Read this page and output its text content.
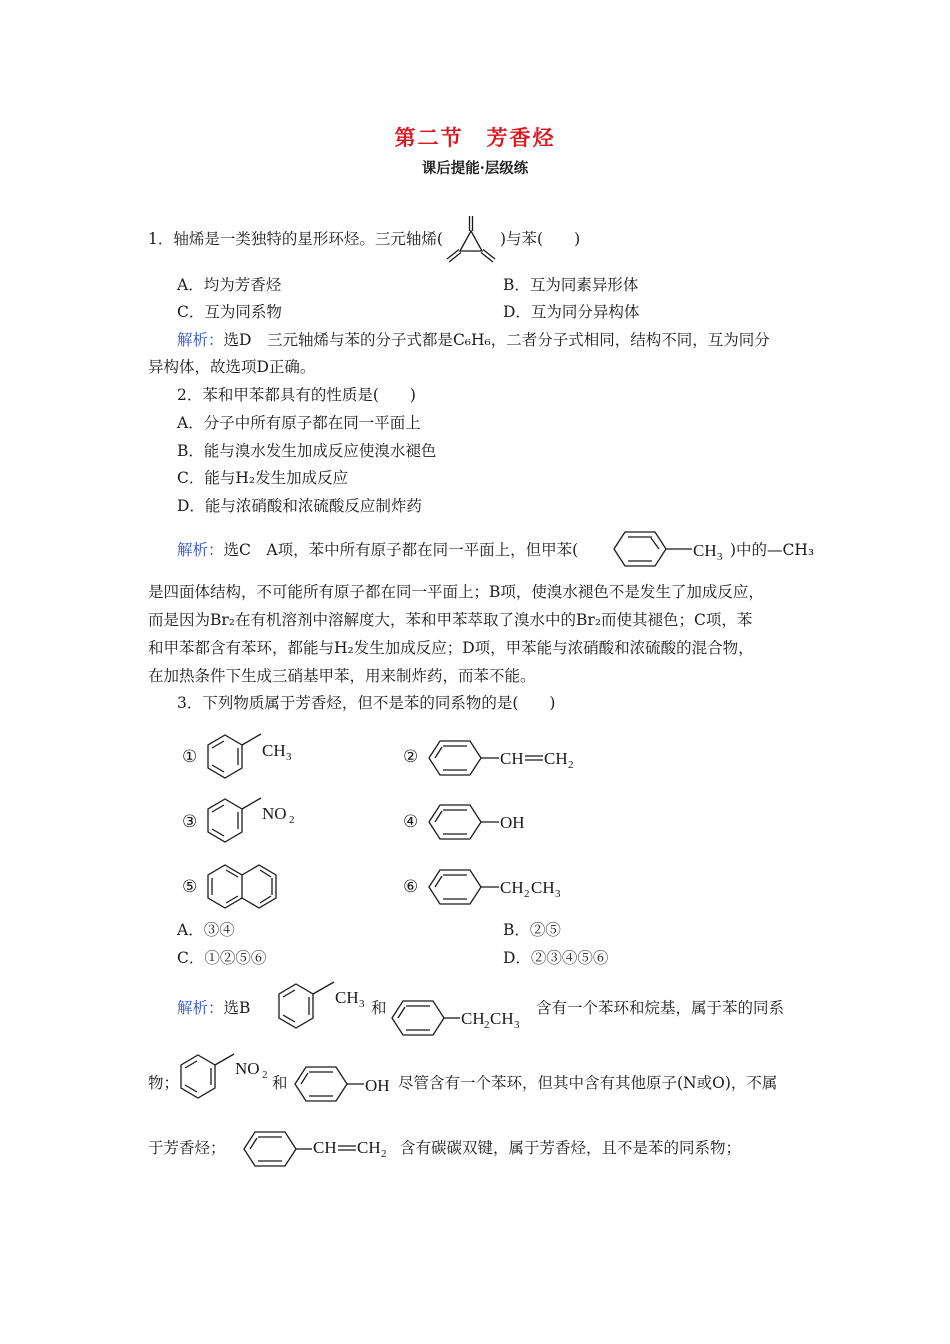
第二节　芳香烃
课后提能·层级练
1．轴烯是一类独特的星形环烃。三元轴烯(	)与苯(　　)
A．均为芳香烃	B．互为同素异形体
C．互为同系物	D．互为同分异构体
解析：选D　三元轴烯与苯的分子式都是C₆H₆，二者分子式相同，结构不同，互为同分
异构体，故选项D正确。
2．苯和甲苯都具有的性质是(　　)
A．分子中所有原子都在同一平面上
B．能与溴水发生加成反应使溴水褪色
C．能与H₂发生加成反应
D．能与浓硝酸和浓硫酸反应制炸药
解析：选C　A项，苯中所有原子都在同一平面上，但甲苯(	CH 3 )中的—CH₃
是四面体结构，不可能所有原子都在同一平面上；B项，使溴水褪色不是发生了加成反应，
而是因为Br₂在有机溶剂中溶解度大，苯和甲苯萃取了溴水中的Br₂而使其褪色；C项，苯
和甲苯都含有苯环，都能与H₂发生加成反应；D项，甲苯能与浓硝酸和浓硫酸的混合物，
在加热条件下生成三硝基甲苯，用来制炸药，而苯不能。
3．下列物质属于芳香烃，但不是苯的同系物的是(　　)
①	CH 3	②	CH CH 2
③	NO 2	④	OH
⑤	⑥	CH 2 CH 3
A．③④	B．②⑤
C．①②⑤⑥	D．②③④⑤⑥
解析：选B
CH 3 和
CH 2 CH 3
含有一个苯环和烷基，属于苯的同系
物；
NO 2 和	OH 尽管含有一个苯环，但其中含有其他原子(N或O)，不属
于芳香烃；	CH CH 2 含有碳碳双键，属于芳香烃，且不是苯的同系物；
